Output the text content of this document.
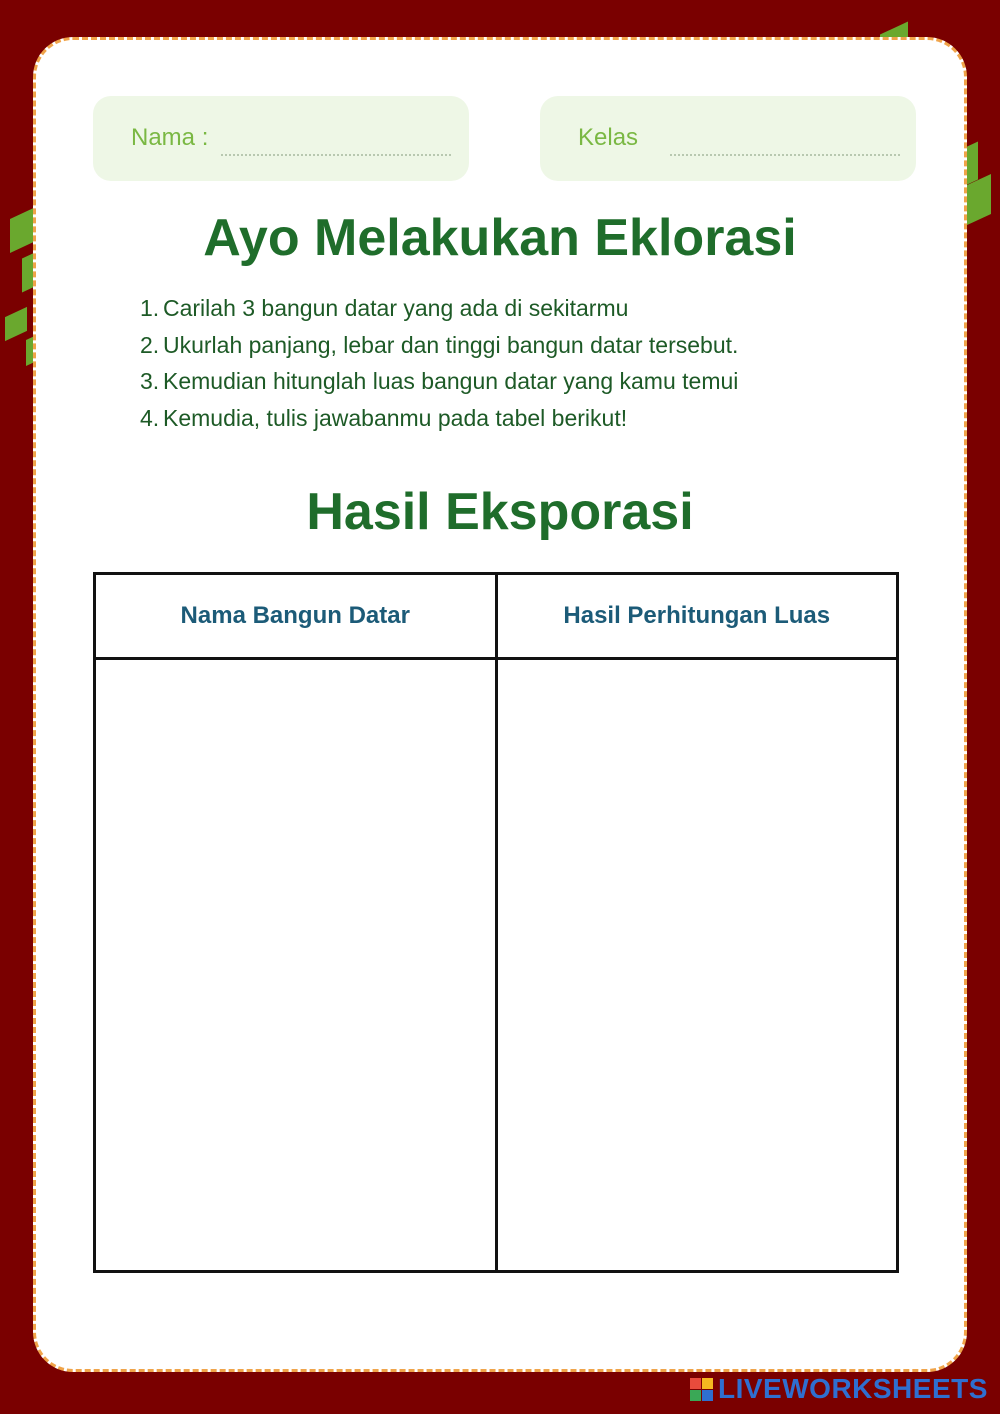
Nama :	Kelas
Ayo Melakukan Eklorasi
1. Carilah 3 bangun datar yang ada di sekitarmu
2. Ukurlah panjang, lebar dan tinggi bangun datar tersebut.
3. Kemudian hitunglah luas bangun datar yang kamu temui
4. Kemudia, tulis jawabanmu pada tabel berikut!
Hasil Eksporasi
Nama Bangun Datar	Hasil Perhitungan Luas

LIVEWORKSHEETS
